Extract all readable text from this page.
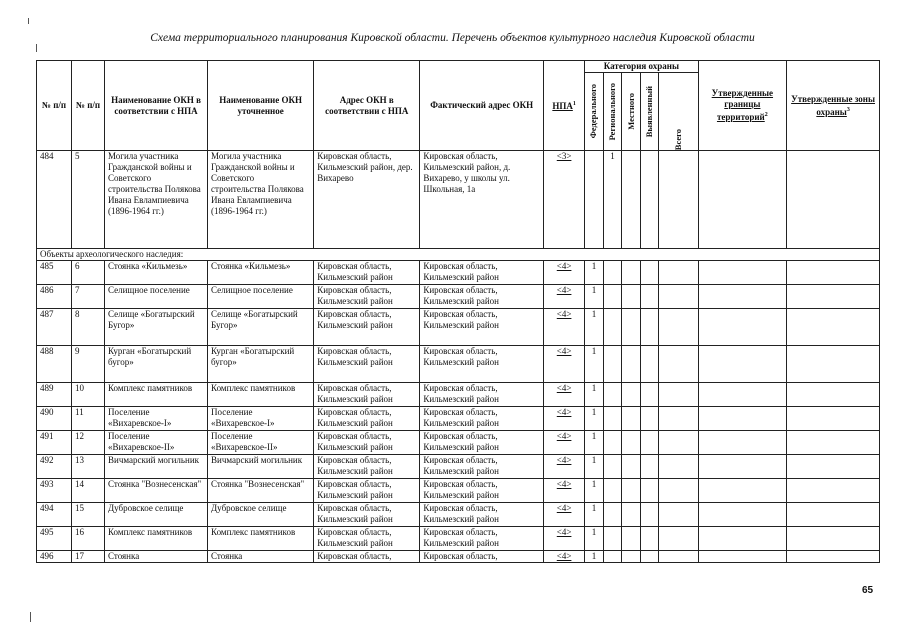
Схема территориального планирования Кировской области. Перечень объектов культурного наследия Кировской области
№ п/п	№ п/п	Наименование ОКН в соответствии с НПА	Наименование ОКН уточненное	Адрес ОКН в соответствии с НПА	Фактический адрес ОКН	НПА$^1$	Категория охраны					Утвержденные границы территорий$^2$	Утвержденные зоны охраны$^3$

							Федерального	Регионального	Местного	Выявленный	Всего		

484	5	Могила участника Гражданской войны и Советского строительства Полякова Ивана Евлампиевича (1896-1964 гг.)	Могила участника Гражданской войны и Советского строительства Полякова Ивана Евлампиевича (1896-1964 гг.)	Кировская область, Кильмезский район, дер. Вихарево	Кировская область, Кильмезский район, д. Вихарево, у школы ул. Школьная, 1а	<3>		1					
Объекты археологического наследия:													
485	6	Стоянка «Кильмезь»	Стоянка «Кильмезь»	Кировская область, Кильмезский район	Кировская область, Кильмезский район	<4>	1						
486	7	Селищное поселение	Селищное поселение	Кировская область, Кильмезский район	Кировская область, Кильмезский район	<4>	1						
487	8	Селище «Богатырский Бугор»	Селище «Богатырский Бугор»	Кировская область, Кильмезский район	Кировская область, Кильмезский район	<4>	1						
488	9	Курган «Богатырский бугор»	Курган «Богатырский бугор»	Кировская область, Кильмезский район	Кировская область, Кильмезский район	<4>	1						
489	10	Комплекс памятников	Комплекс памятников	Кировская область, Кильмезский район	Кировская область, Кильмезский район	<4>	1						
490	11	Поселение «Вихаревское-I»	Поселение «Вихаревское-I»	Кировская область, Кильмезский район	Кировская область, Кильмезский район	<4>	1						
491	12	Поселение «Вихаревское-II»	Поселение «Вихаревское-II»	Кировская область, Кильмезский район	Кировская область, Кильмезский район	<4>	1						
492	13	Вичмарский могильник	Вичмарский могильник	Кировская область, Кильмезский район	Кировская область, Кильмезский район	<4>	1						
493	14	Стоянка "Вознесенская"	Стоянка "Вознесенская"	Кировская область, Кильмезский район	Кировская область, Кильмезский район	<4>	1						
494	15	Дубровское селище	Дубровское селище	Кировская область, Кильмезский район	Кировская область, Кильмезский район	<4>	1						
495	16	Комплекс памятников	Комплекс памятников	Кировская область, Кильмезский район	Кировская область, Кильмезский район	<4>	1						
496	17	Стоянка	Стоянка	Кировская область,	Кировская область,	<4>	1						
65
